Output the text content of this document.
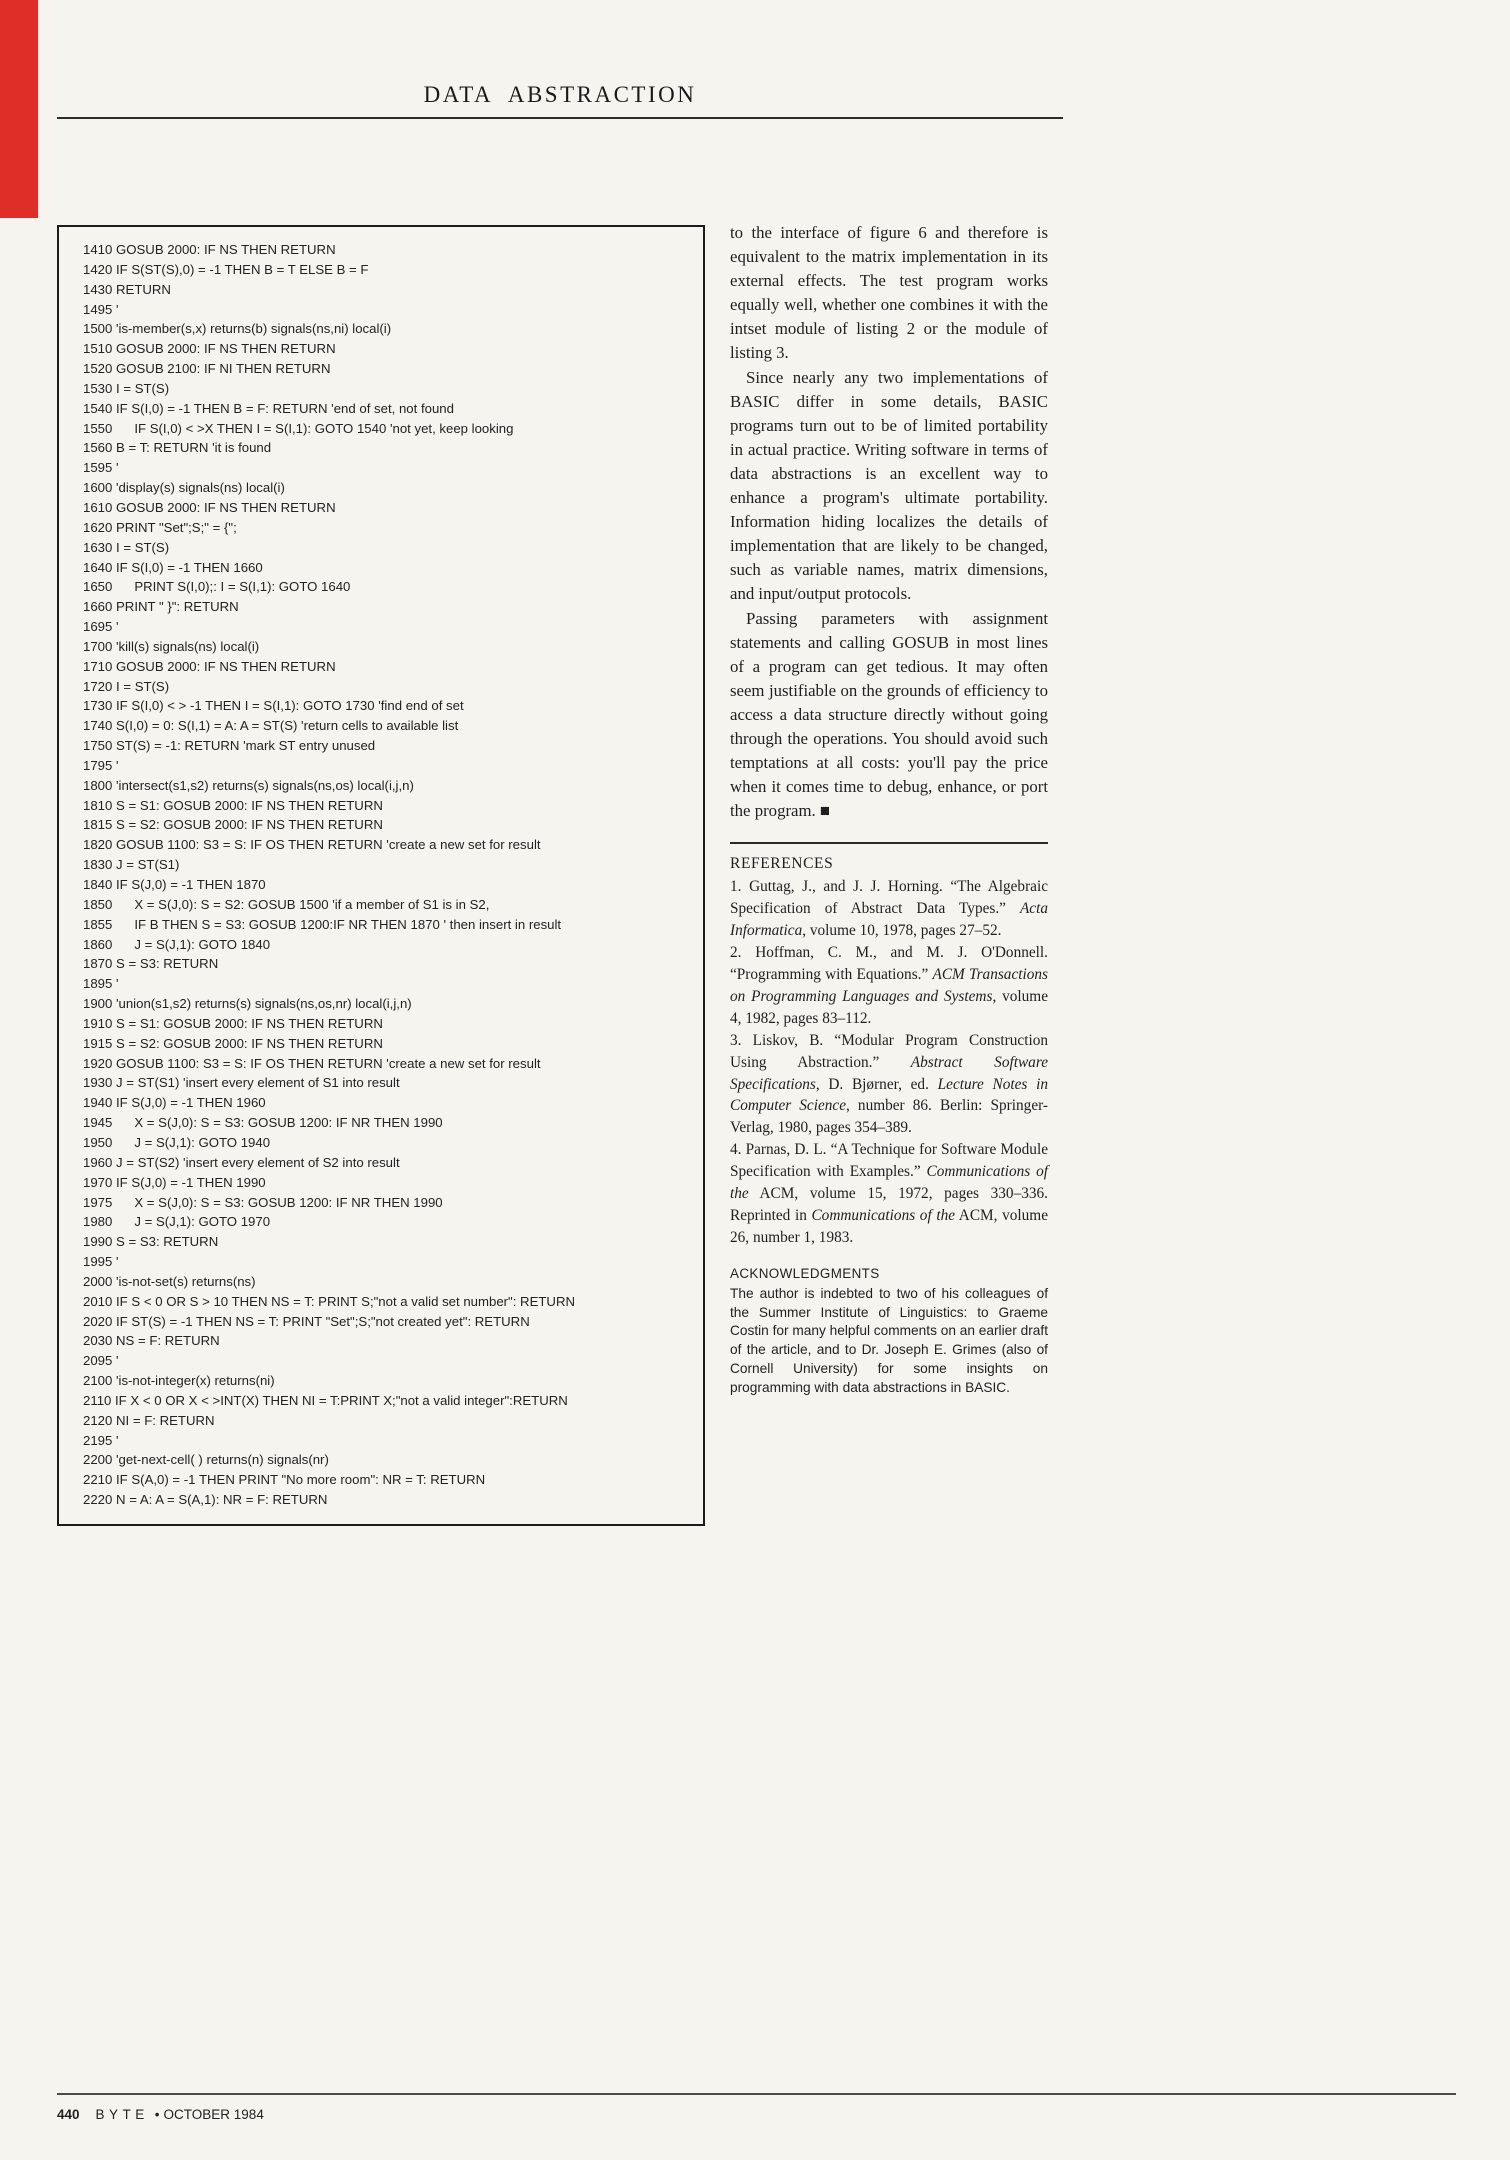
DATA ABSTRACTION
1410 GOSUB 2000: IF NS THEN RETURN
1420 IF S(ST(S),0) = -1 THEN B = T ELSE B = F
1430 RETURN
1495 '
1500 'is-member(s,x) returns(b) signals(ns,ni) local(i)
1510 GOSUB 2000: IF NS THEN RETURN
1520 GOSUB 2100: IF NI THEN RETURN
1530 I = ST(S)
1540 IF S(I,0) = -1 THEN B = F: RETURN 'end of set, not found
1550      IF S(I,0) < >X THEN I = S(I,1): GOTO 1540 'not yet, keep looking
1560 B = T: RETURN 'it is found
1595 '
1600 'display(s) signals(ns) local(i)
1610 GOSUB 2000: IF NS THEN RETURN
1620 PRINT "Set";S;" = {";
1630 I = ST(S)
1640 IF S(I,0) = -1 THEN 1660
1650      PRINT S(I,0);: I = S(I,1): GOTO 1640
1660 PRINT " }": RETURN
1695 '
1700 'kill(s) signals(ns) local(i)
1710 GOSUB 2000: IF NS THEN RETURN
1720 I = ST(S)
1730 IF S(I,0) < > -1 THEN I = S(I,1): GOTO 1730 'find end of set
1740 S(I,0) = 0: S(I,1) = A: A = ST(S) 'return cells to available list
1750 ST(S) = -1: RETURN 'mark ST entry unused
1795 '
1800 'intersect(s1,s2) returns(s) signals(ns,os) local(i,j,n)
1810 S = S1: GOSUB 2000: IF NS THEN RETURN
1815 S = S2: GOSUB 2000: IF NS THEN RETURN
1820 GOSUB 1100: S3 = S: IF OS THEN RETURN 'create a new set for result
1830 J = ST(S1)
1840 IF S(J,0) = -1 THEN 1870
1850      X = S(J,0): S = S2: GOSUB 1500 'if a member of S1 is in S2,
1855      IF B THEN S = S3: GOSUB 1200:IF NR THEN 1870 ' then insert in result
1860      J = S(J,1): GOTO 1840
1870 S = S3: RETURN
1895 '
1900 'union(s1,s2) returns(s) signals(ns,os,nr) local(i,j,n)
1910 S = S1: GOSUB 2000: IF NS THEN RETURN
1915 S = S2: GOSUB 2000: IF NS THEN RETURN
1920 GOSUB 1100: S3 = S: IF OS THEN RETURN 'create a new set for result
1930 J = ST(S1) 'insert every element of S1 into result
1940 IF S(J,0) = -1 THEN 1960
1945      X = S(J,0): S = S3: GOSUB 1200: IF NR THEN 1990
1950      J = S(J,1): GOTO 1940
1960 J = ST(S2) 'insert every element of S2 into result
1970 IF S(J,0) = -1 THEN 1990
1975      X = S(J,0): S = S3: GOSUB 1200: IF NR THEN 1990
1980      J = S(J,1): GOTO 1970
1990 S = S3: RETURN
1995 '
2000 'is-not-set(s) returns(ns)
2010 IF S < 0 OR S > 10 THEN NS = T: PRINT S;"not a valid set number": RETURN
2020 IF ST(S) = -1 THEN NS = T: PRINT "Set";S;"not created yet": RETURN
2030 NS = F: RETURN
2095 '
2100 'is-not-integer(x) returns(ni)
2110 IF X < 0 OR X < >INT(X) THEN NI = T:PRINT X;"not a valid integer":RETURN
2120 NI = F: RETURN
2195 '
2200 'get-next-cell( ) returns(n) signals(nr)
2210 IF S(A,0) = -1 THEN PRINT "No more room": NR = T: RETURN
2220 N = A: A = S(A,1): NR = F: RETURN

to the interface of figure 6 and therefore is equivalent to the matrix implementation in its external effects. The test program works equally well, whether one combines it with the intset module of listing 2 or the module of listing 3.

Since nearly any two implementations of BASIC differ in some details, BASIC programs turn out to be of limited portability in actual practice. Writing software in terms of data abstractions is an excellent way to enhance a program's ultimate portability. Information hiding localizes the details of implementation that are likely to be changed, such as variable names, matrix dimensions, and input/output protocols.

Passing parameters with assignment statements and calling GOSUB in most lines of a program can get tedious. It may often seem justifiable on the grounds of efficiency to access a data structure directly without going through the operations. You should avoid such temptations at all costs: you'll pay the price when it comes time to debug, enhance, or port the program. ■

REFERENCES

1. Guttag, J., and J. J. Horning. “The Algebraic Specification of Abstract Data Types.” Acta Informatica, volume 10, 1978, pages 27–52.

2. Hoffman, C. M., and M. J. O'Donnell. “Programming with Equations.” ACM Transactions on Programming Languages and Systems, volume 4, 1982, pages 83–112.

3. Liskov, B. “Modular Program Construction Using Abstraction.” Abstract Software Specifications, D. Bjørner, ed. Lecture Notes in Computer Science, number 86. Berlin: Springer-Verlag, 1980, pages 354–389.

4. Parnas, D. L. “A Technique for Software Module Specification with Examples.” Communications of the ACM, volume 15, 1972, pages 330–336. Reprinted in Communications of the ACM, volume 26, number 1, 1983.

ACKNOWLEDGMENTS

The author is indebted to two of his colleagues of the Summer Institute of Linguistics: to Graeme Costin for many helpful comments on an earlier draft of the article, and to Dr. Joseph E. Grimes (also of Cornell University) for some insights on programming with data abstractions in BASIC.

440 BYTE • OCTOBER 1984
